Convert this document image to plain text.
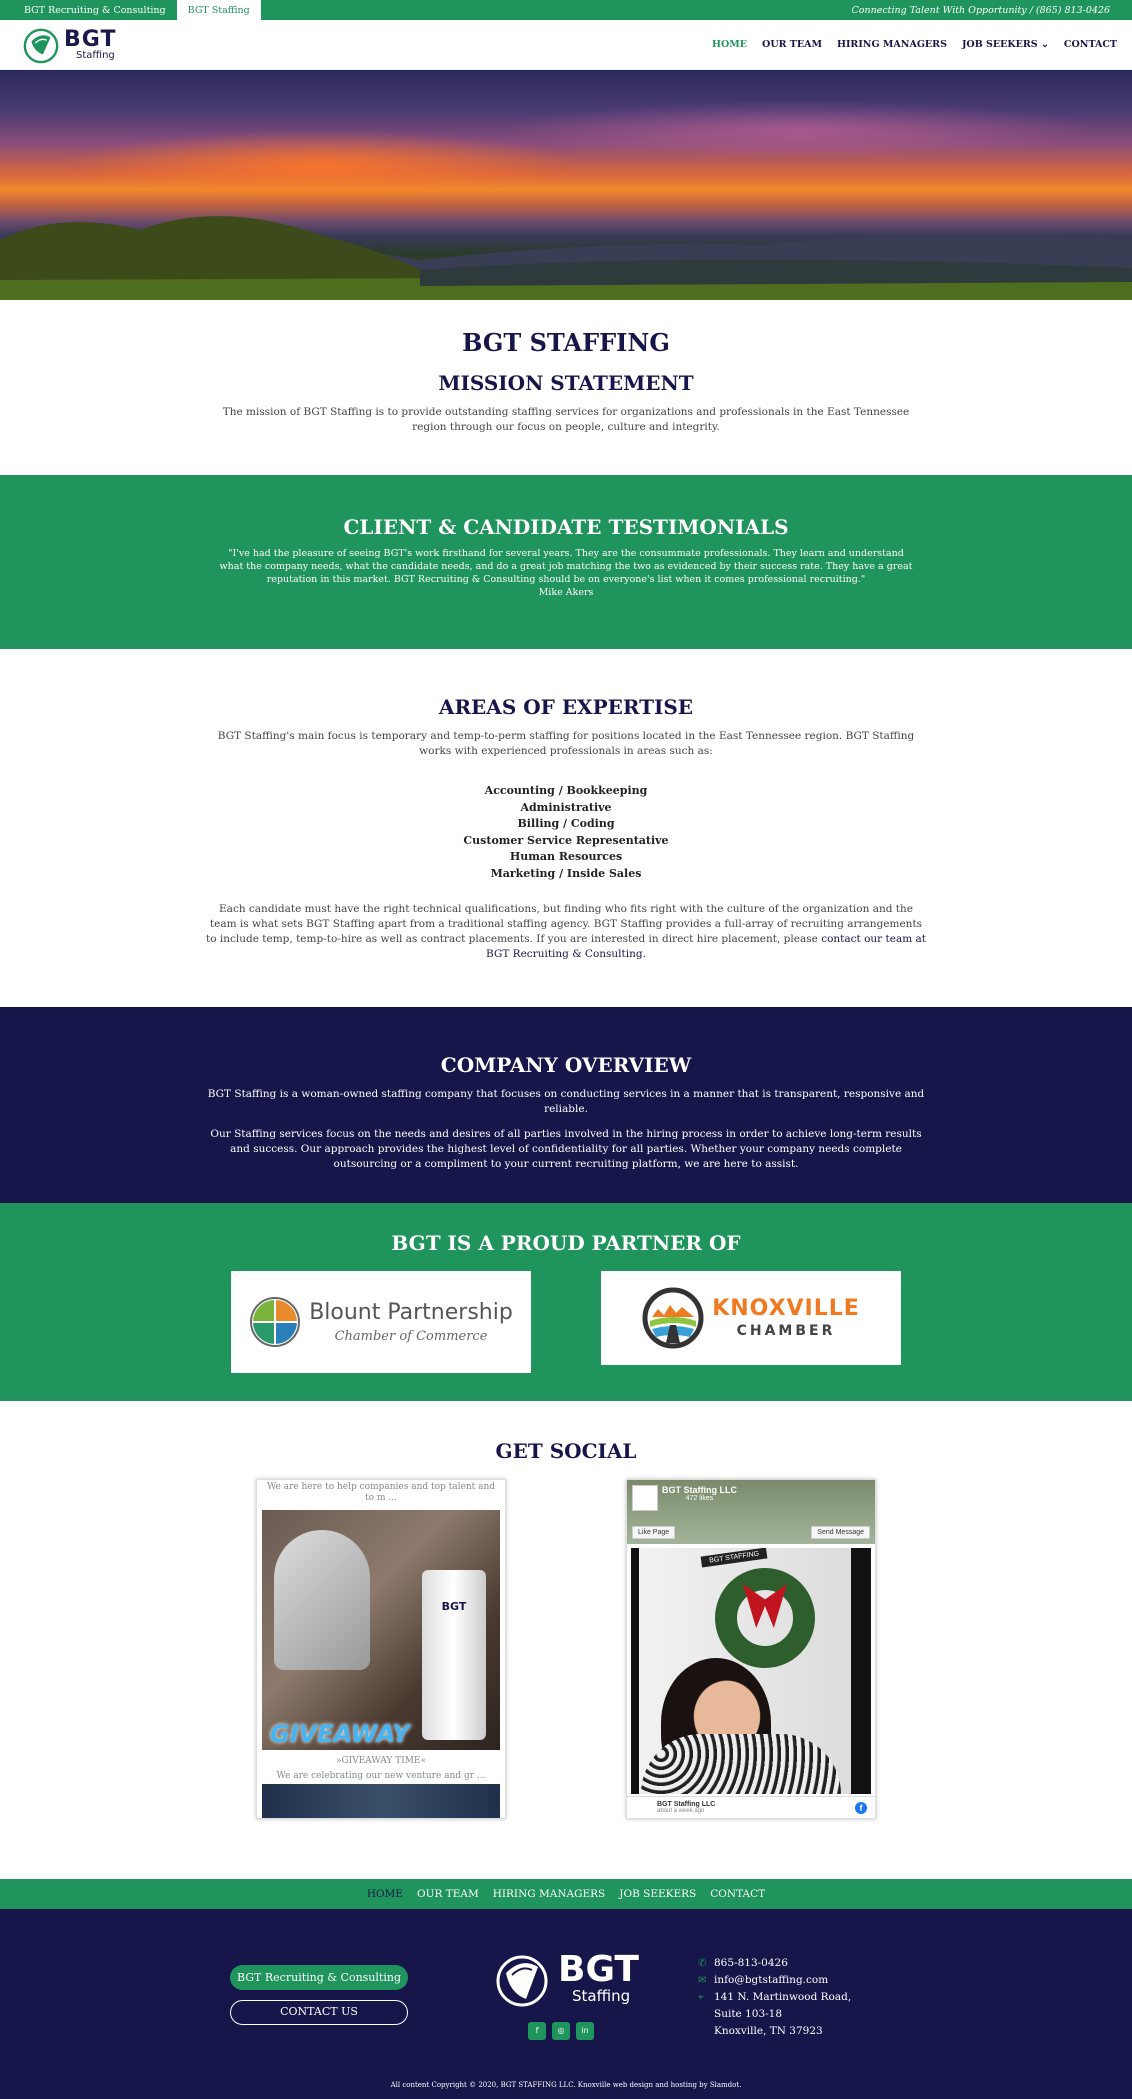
BGT Recruiting & Consulting	BGT Staffing	Connecting Talent With Opportunity / (865) 813-0426
BGT
Staffing
HOME OUR TEAM HIRING MANAGERS JOB SEEKERS ⌄ CONTACT
BGT STAFFING
MISSION STATEMENT

The mission of BGT Staffing is to provide outstanding staffing services for organizations and professionals in the East Tennessee region through our focus on people, culture and integrity.

CLIENT & CANDIDATE TESTIMONIALS

"I've had the pleasure of seeing BGT's work firsthand for several years. They are the consummate professionals. They learn and understand what the company needs, what the candidate needs, and do a great job matching the two as evidenced by their success rate. They have a great reputation in this market. BGT Recruiting & Consulting should be on everyone's list when it comes professional recruiting."

Mike Akers

AREAS OF EXPERTISE

BGT Staffing's main focus is temporary and temp-to-perm staffing for positions located in the East Tennessee region. BGT Staffing works with experienced professionals in areas such as:

Accounting / Bookkeeping
Administrative
Billing / Coding
Customer Service Representative
Human Resources
Marketing / Inside Sales

Each candidate must have the right technical qualifications, but finding who fits right with the culture of the organization and the team is what sets BGT Staffing apart from a traditional staffing agency. BGT Staffing provides a full-array of recruiting arrangements to include temp, temp-to-hire as well as contract placements. If you are interested in direct hire placement, please contact our team at BGT Recruiting & Consulting.

COMPANY OVERVIEW

BGT Staffing is a woman-owned staffing company that focuses on conducting services in a manner that is transparent, responsive and reliable.

Our Staffing services focus on the needs and desires of all parties involved in the hiring process in order to achieve long-term results and success. Our approach provides the highest level of confidentiality for all parties. Whether your company needs complete outsourcing or a compliment to your current recruiting platform, we are here to assist.

BGT IS A PROUD PARTNER OF
Blount Partnership
Chamber of Commerce
KNOXVILLE
CHAMBER
GET SOCIAL
We are here to help companies and top talent and to m ...
BGT
GIVEAWAY
»GIVEAWAY TIME«
We are celebrating our new venture and gr ...
BGT Staffing LLC
472 likes
Like Page	Send Message
BGT STAFFING
BGT Staffing LLC
about a week ago	f
HOME OUR TEAM HIRING MANAGERS JOB SEEKERS CONTACT
BGT Recruiting & Consulting
CONTACT US
BGT
Staffing
f	◎	in
✆ 865-813-0426
✉ info@bgtstaffing.com
⌖ 141 N. Martinwood Road,
Suite 103-18
Knoxville, TN 37923
All content Copyright © 2020, BGT STAFFING LLC. Knoxville web design and hosting by Slamdot.
